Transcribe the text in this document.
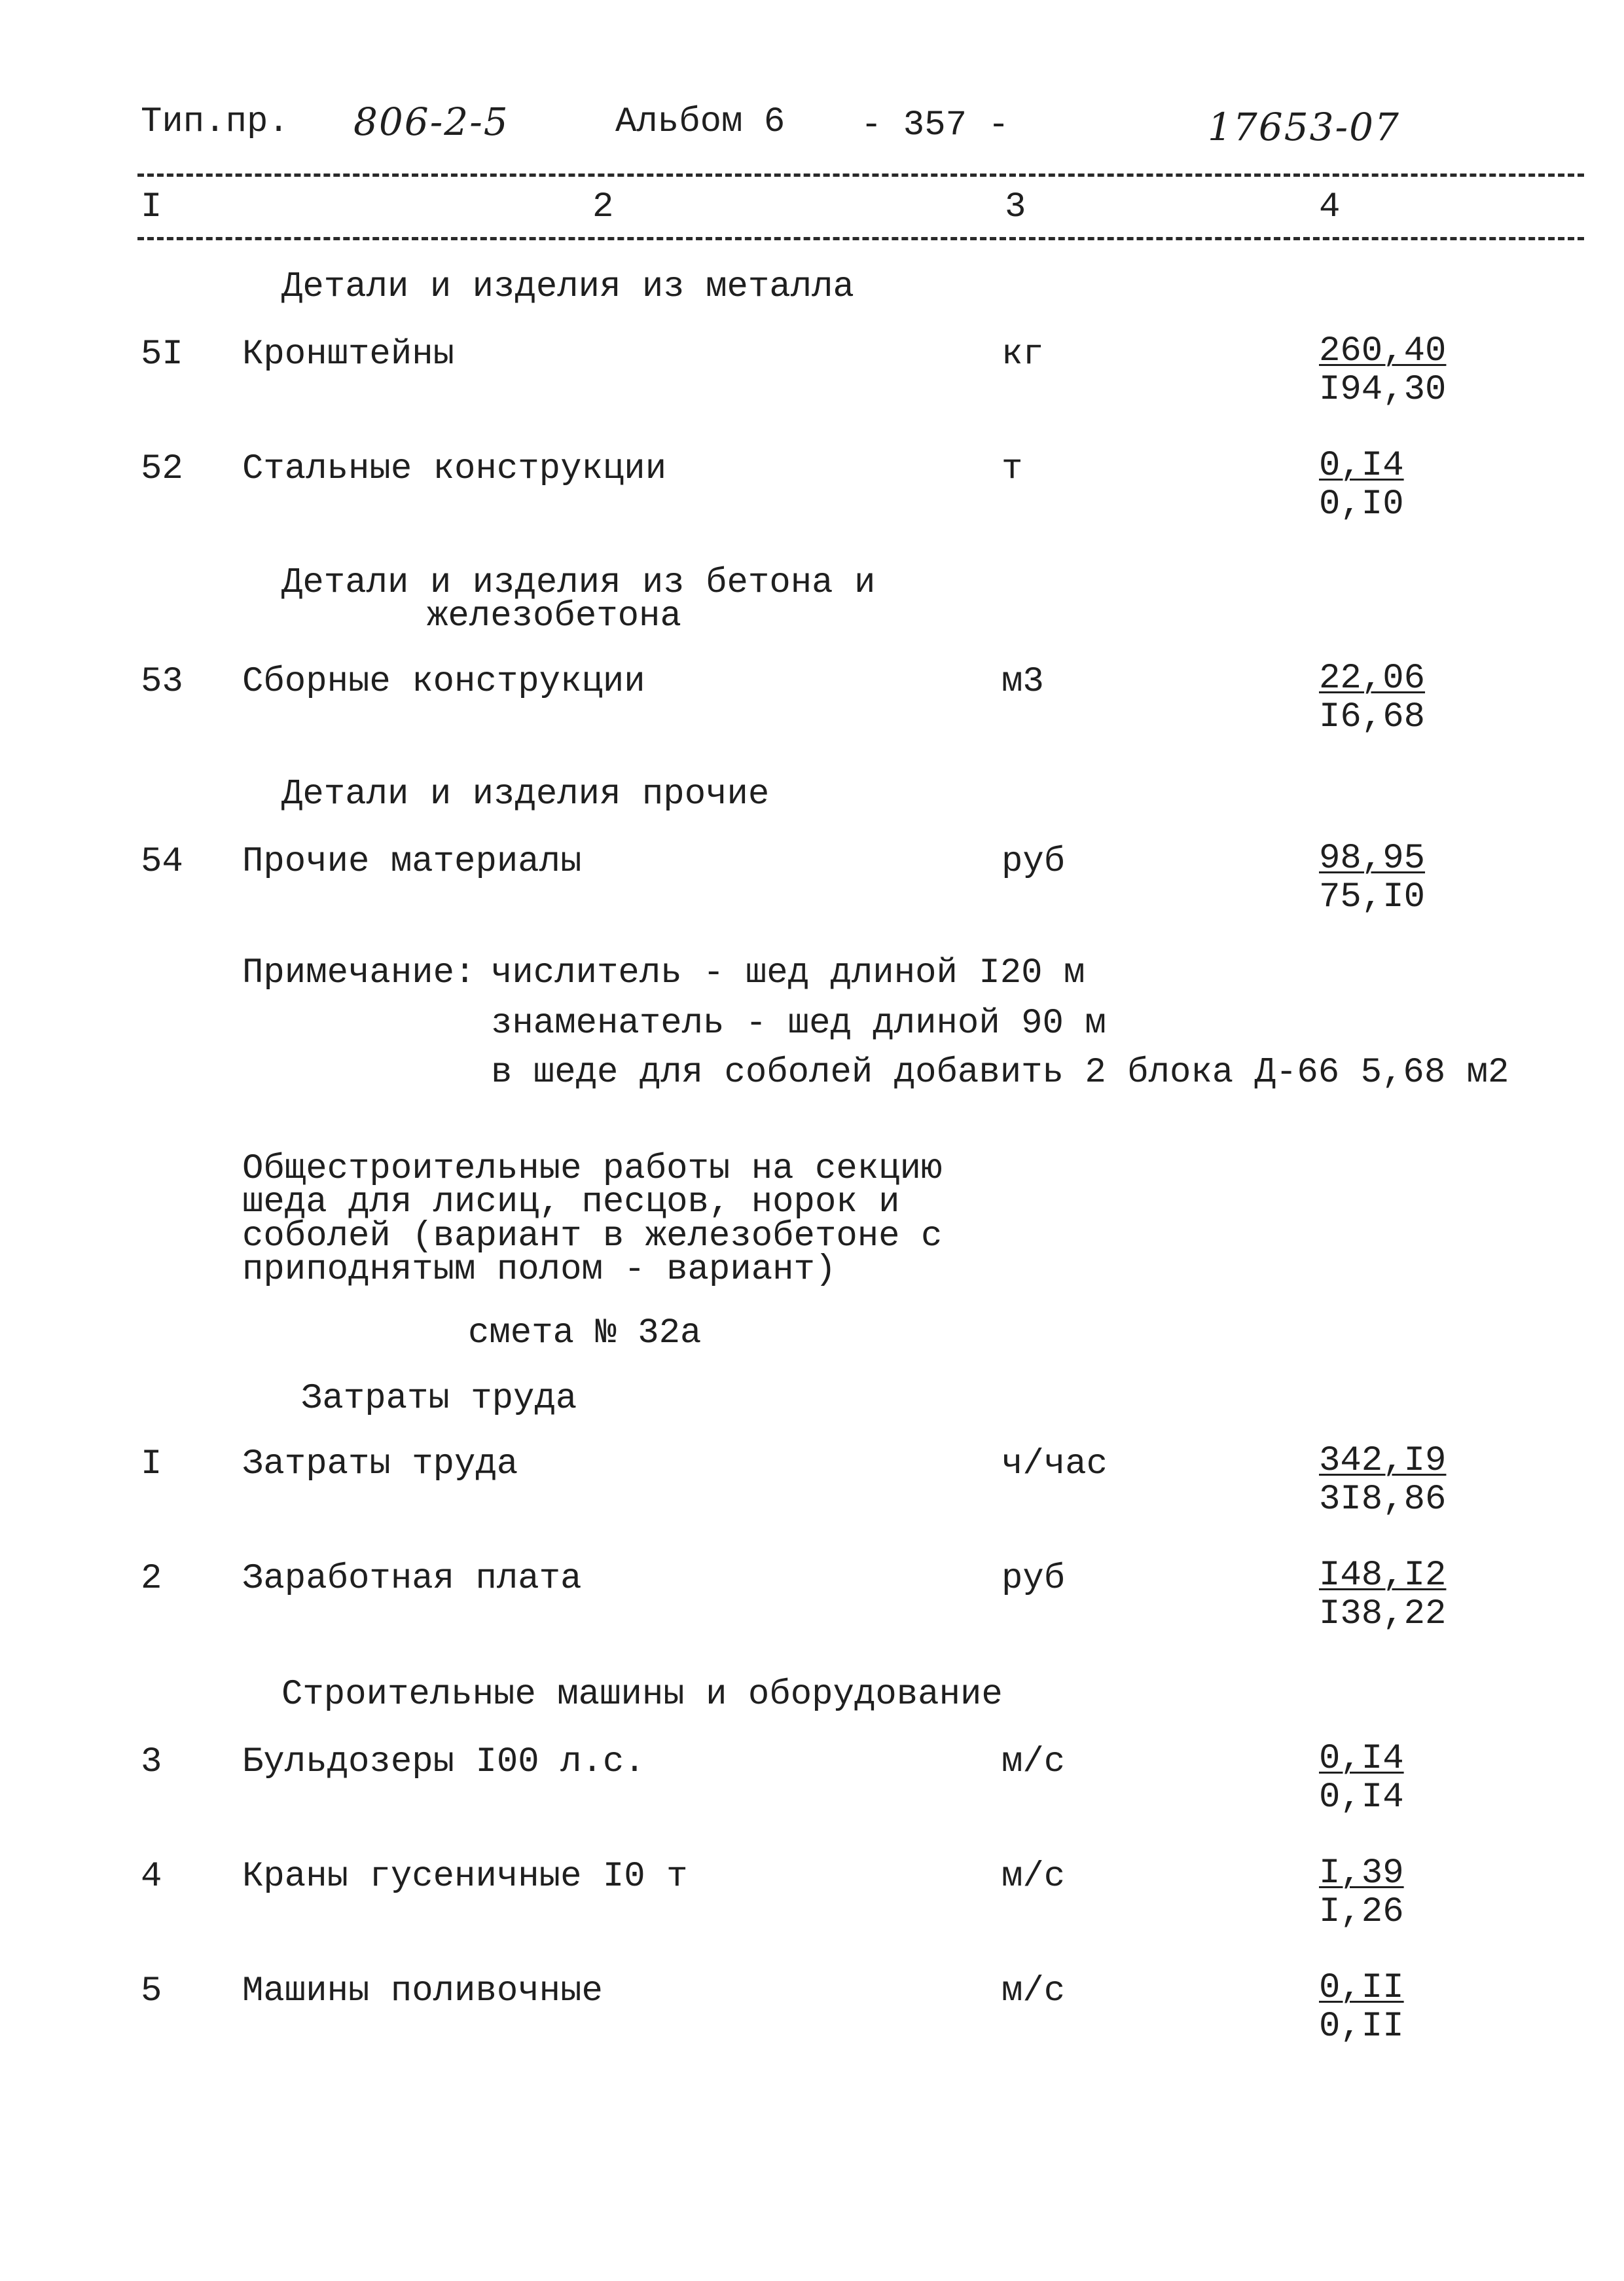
Тип.пр. 806-2-5	Альбом 6 - 357 -	17653-07
I	2	3	4
Детали и изделия из металла
5I Кронштейны	кг	$\frac{260,40}{I94,30}$
52 Стальные конструкции	т	$\frac{0,I4}{0,I0}$
Детали и изделия из бетона и
железобетона
53 Сборные конструкции	м3	$\frac{22,06}{I6,68}$
Детали и изделия прочие
54 Прочие материалы	руб	$\frac{98,95}{75,I0}$
Примечание: числитель - шед длиной I20 м
знаменатель - шед длиной 90 м
в шеде для соболей добавить 2 блока Д-66 5,68 м2
Общестроительные работы на секцию
шеда для лисиц, песцов, норок и
соболей (вариант в железобетоне с
приподнятым полом - вариант)
смета № 32а
Затраты труда
I Затраты труда	ч/час	$\frac{342,I9}{3I8,86}$
2 Заработная плата	руб	$\frac{I48,I2}{I38,22}$
Строительные машины и оборудование
3 Бульдозеры I00 л.с.	м/с	$\frac{0,I4}{0,I4}$
4 Краны гусеничные I0 т	м/с	$\frac{I,39}{I,26}$
5 Машины поливочные	м/с	$\frac{0,II}{0,II}$
